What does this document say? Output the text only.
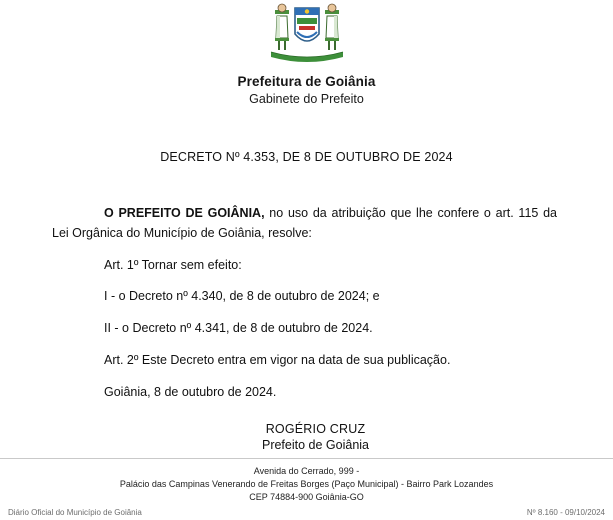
Prefeitura de Goiânia
Gabinete do Prefeito
DECRETO Nº 4.353, DE 8 DE OUTUBRO DE 2024

O PREFEITO DE GOIÂNIA, no uso da atribuição que lhe confere o art. 115 da Lei Orgânica do Município de Goiânia, resolve:

Art. 1º Tornar sem efeito:

I - o Decreto nº 4.340, de 8 de outubro de 2024; e

II - o Decreto nº 4.341, de 8 de outubro de 2024.

Art. 2º Este Decreto entra em vigor na data de sua publicação.

Goiânia, 8 de outubro de 2024.

ROGÉRIO CRUZ
Prefeito de Goiânia
Avenida do Cerrado, 999 -
Palácio das Campinas Venerando de Freitas Borges (Paço Municipal) - Bairro Park Lozandes
CEP 74884-900 Goiânia-GO
Diário Oficial do Município de Goiânia	Nº 8.160 - 09/10/2024
